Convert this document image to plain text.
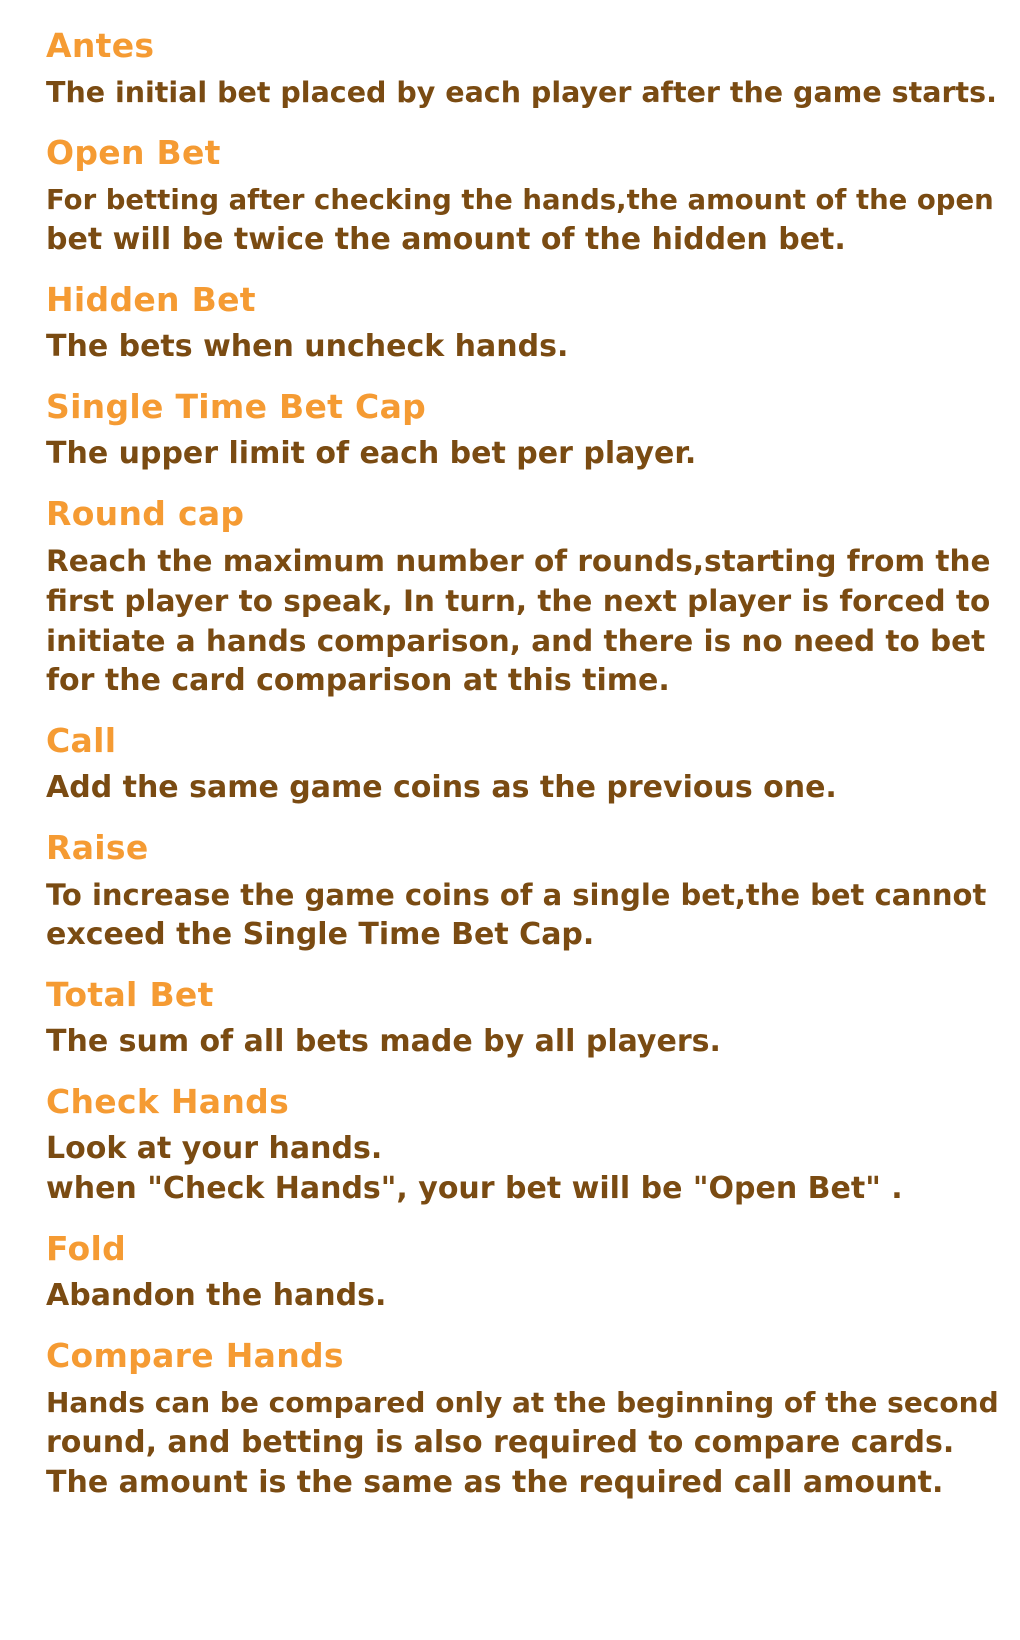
Antes
The initial bet placed by each player after the game starts.
Open Bet
For betting after checking the hands,the amount of the open
bet will be twice the amount of the hidden bet.
Hidden Bet
The bets when uncheck hands.
Single Time Bet Cap
The upper limit of each bet per player.
Round cap
Reach the maximum number of rounds,starting from the
first player to speak, In turn, the next player is forced to
initiate a hands comparison, and there is no need to bet
for the card comparison at this time.
Call
Add the same game coins as the previous one.
Raise
To increase the game coins of a single bet,the bet cannot
exceed the Single Time Bet Cap.
Total Bet
The sum of all bets made by all players.
Check Hands
Look at your hands.
when "Check Hands", your bet will be "Open Bet" .
Fold
Abandon the hands.
Compare Hands
Hands can be compared only at the beginning of the second
round, and betting is also required to compare cards.
The amount is the same as the required call amount.
